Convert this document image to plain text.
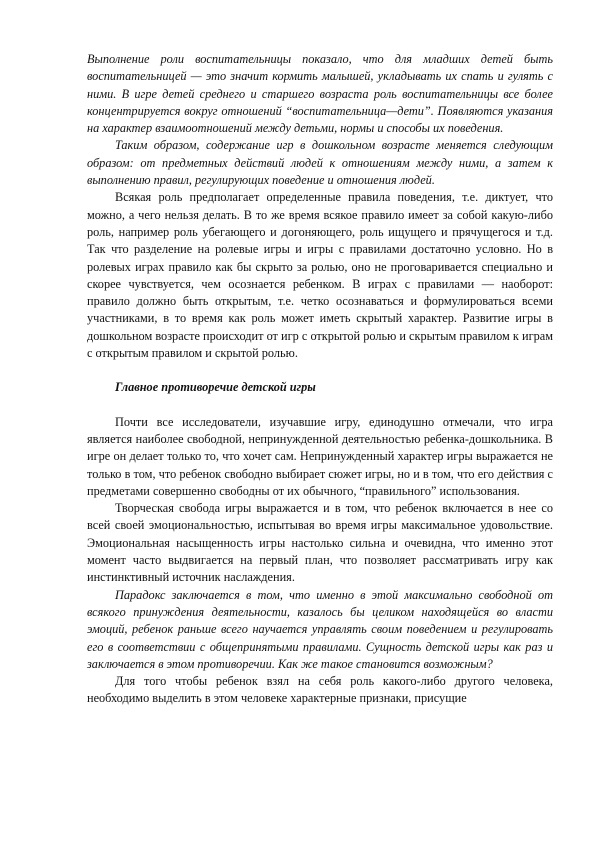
Выполнение роли воспитательницы показало, что для младших детей быть воспитательницей — это значит кормить малышей, укладывать их спать и гулять с ними. В игре детей среднего и старшего возраста роль воспитательницы все более концентрируется вокруг отношений “воспитательница—дети”. Появляются указания на характер взаимоотношений между детьми, нормы и способы их поведения.

Таким образом, содержание игр в дошкольном возрасте меняется следующим образом: от предметных действий людей к отношениям между ними, а затем к выполнению правил, регулирующих поведение и отношения людей.

Всякая роль предполагает определенные правила поведения, т.е. диктует, что можно, а чего нельзя делать. В то же время всякое правило имеет за собой какую-либо роль, например роль убегающего и догоняющего, роль ищущего и прячущегося и т.д. Так что разделение на ролевые игры и игры с правилами достаточно условно. Но в ролевых играх правило как бы скрыто за ролью, оно не проговаривается специально и скорее чувствуется, чем осознается ребенком. В играх с правилами — наоборот: правило должно быть открытым, т.е. четко осознаваться и формулироваться всеми участниками, в то время как роль может иметь скрытый характер. Развитие игры в дошкольном возрасте происходит от игр с открытой ролью и скрытым правилом к играм с открытым правилом и скрытой ролью.

Главное противоречие детской игры

Почти все исследователи, изучавшие игру, единодушно отмечали, что игра является наиболее свободной, непринужденной деятельностью ребенка-дошкольника. В игре он делает только то, что хочет сам. Непринужденный характер игры выражается не только в том, что ребенок свободно выбирает сюжет игры, но и в том, что его действия с предметами совершенно свободны от их обычного, “правильного” использования.

Творческая свобода игры выражается и в том, что ребенок включается в нее со всей своей эмоциональностью, испытывая во время игры максимальное удовольствие. Эмоциональная насыщенность игры настолько сильна и очевидна, что именно этот момент часто выдвигается на первый план, что позволяет рассматривать игру как инстинктивный источник наслаждения.

Парадокс заключается в том, что именно в этой максимально свободной от всякого принуждения деятельности, казалось бы целиком находящейся во власти эмоций, ребенок раньше всего научается управлять своим поведением и регулировать его в соответствии с общепринятыми правилами. Сущность детской игры как раз и заключается в этом противоречии. Как же такое становится возможным?

Для того чтобы ребенок взял на себя роль какого-либо другого человека, необходимо выделить в этом человеке характерные признаки, присущие
